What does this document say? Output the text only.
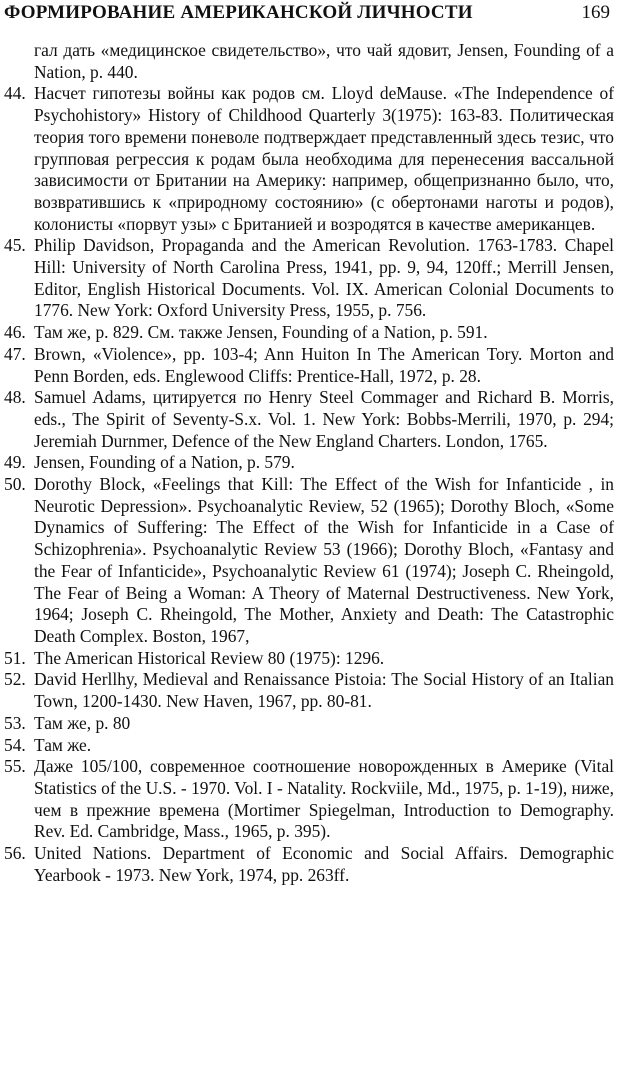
ФОРМИРОВАНИЕ АМЕРИКАНСКОЙ ЛИЧНОСТИ	169
гал дать «медицинское свидетельство», что чай ядовит, Jensen, Founding of a Nation, p. 440.
44. Насчет гипотезы войны как родов см. Lloyd deMause. «The Independence of Psychohistory» History of Childhood Quarterly 3(1975): 163-83. Политическая теория того времени поневоле подтверждает представленный здесь тезис, что групповая регрессия к родам была необходима для перенесения вассальной зависимости от Британии на Америку: например, общепризнанно было, что, возвратившись к «природному состоянию» (с обертонами наготы и родов), колонисты «порвут узы» с Британией и возродятся в качестве американцев.
45. Philip Davidson, Propaganda and the American Revolution. 1763-1783. Chapel Hill: University of North Carolina Press, 1941, pp. 9, 94, 120ff.; Merrill Jensen, Editor, English Historical Documents. Vol. IX. American Colonial Documents to 1776. New York: Oxford University Press, 1955, p. 756.
46. Там же, p. 829. См. также Jensen, Founding of a Nation, p. 591.
47. Brown, «Violence», pp. 103-4; Ann Huiton In The American Tory. Morton and Penn Borden, eds. Englewood Cliffs: Prentice-Hall, 1972, p. 28.
48. Samuel Adams, цитируется по Henry Steel Commager and Richard B. Morris, eds., The Spirit of Seventy-S.x. Vol. 1. New York: Bobbs-Merrili, 1970, p. 294; Jeremiah Durnmer, Defence of the New England Charters. London, 1765.
49. Jensen, Founding of a Nation, p. 579.
50. Dorothy Block, «Feelings that Kill: The Effect of the Wish for Infanticide , in Neurotic Depression». Psychoanalytic Review, 52 (1965); Dorothy Bloch, «Some Dynamics of Suffering: The Effect of the Wish for Infanticide in a Case of Schizophrenia». Psychoanalytic Review 53 (1966); Dorothy Bloch, «Fantasy and the Fear of Infanticide», Psychoanalytic Review 61 (1974); Joseph C. Rheingold, The Fear of Being a Woman: A Theory of Maternal Destructiveness. New York, 1964; Joseph C. Rheingold, The Mother, Anxiety and Death: The Catastrophic Death Complex. Boston, 1967,
51. The American Historical Review 80 (1975): 1296.
52. David Herllhy, Medieval and Renaissance Pistoia: The Social History of an Italian Town, 1200-1430. New Haven, 1967, pp. 80-81.
53. Там же, p. 80
54. Там же.
55. Даже 105/100, современное соотношение новорожденных в Америке (Vital Statistics of the U.S. - 1970. Vol. I - Natality. Rockviile, Md., 1975, p. 1-19), ниже, чем в прежние времена (Mortimer Spiegelman, Introduction to Demography. Rev. Ed. Cambridge, Mass., 1965, p. 395).
56. United Nations. Department of Economic and Social Affairs. Demographic Yearbook - 1973. New York, 1974, pp. 263ff.
